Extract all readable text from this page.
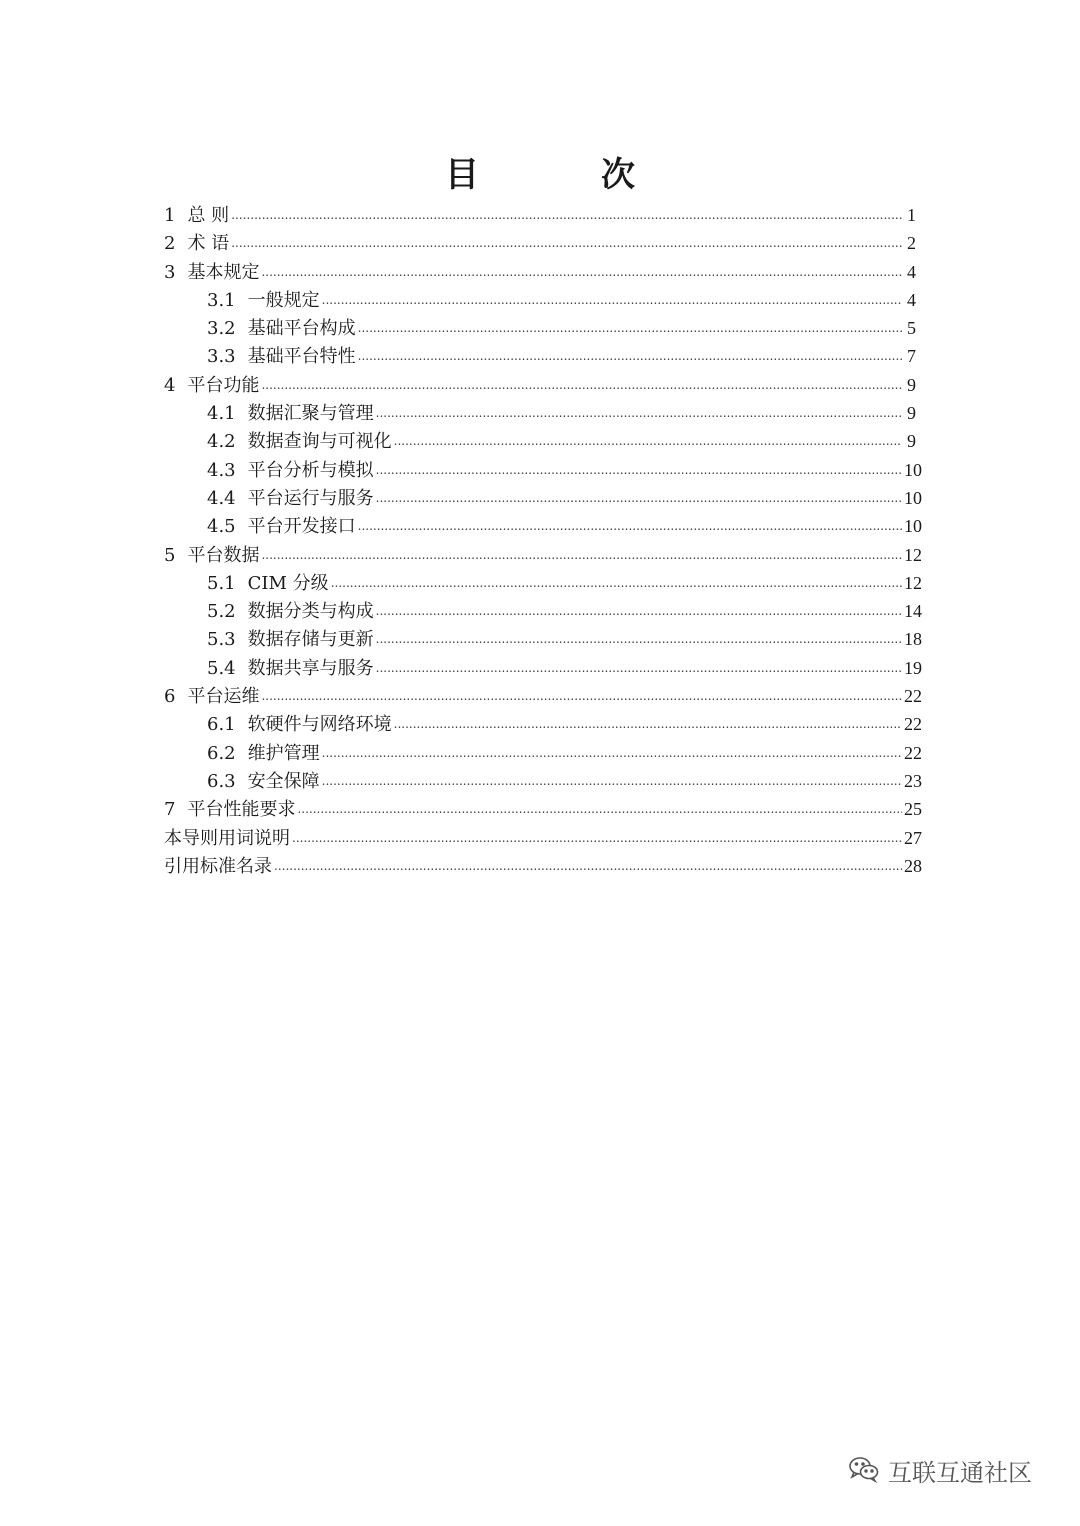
目　次
1 总 则 .....	1
2 术 语 .....	2
3 基本规定 .....	4
3.1 一般规定 .....	4
3.2 基础平台构成 .....	5
3.3 基础平台特性 .....	7
4 平台功能 .....	9
4.1 数据汇聚与管理 .....	9
4.2 数据查询与可视化 .....	9
4.3 平台分析与模拟 .....	10
4.4 平台运行与服务 .....	10
4.5 平台开发接口 .....	10
5 平台数据 .....	12
5.1 CIM 分级 .....	12
5.2 数据分类与构成 .....	14
5.3 数据存储与更新 .....	18
5.4 数据共享与服务 .....	19
6 平台运维 .....	22
6.1 软硬件与网络环境 .....	22
6.2 维护管理 .....	22
6.3 安全保障 .....	23
7 平台性能要求 .....	25
本导则用词说明 .....	27
引用标准名录 .....	28
互联互通社区
